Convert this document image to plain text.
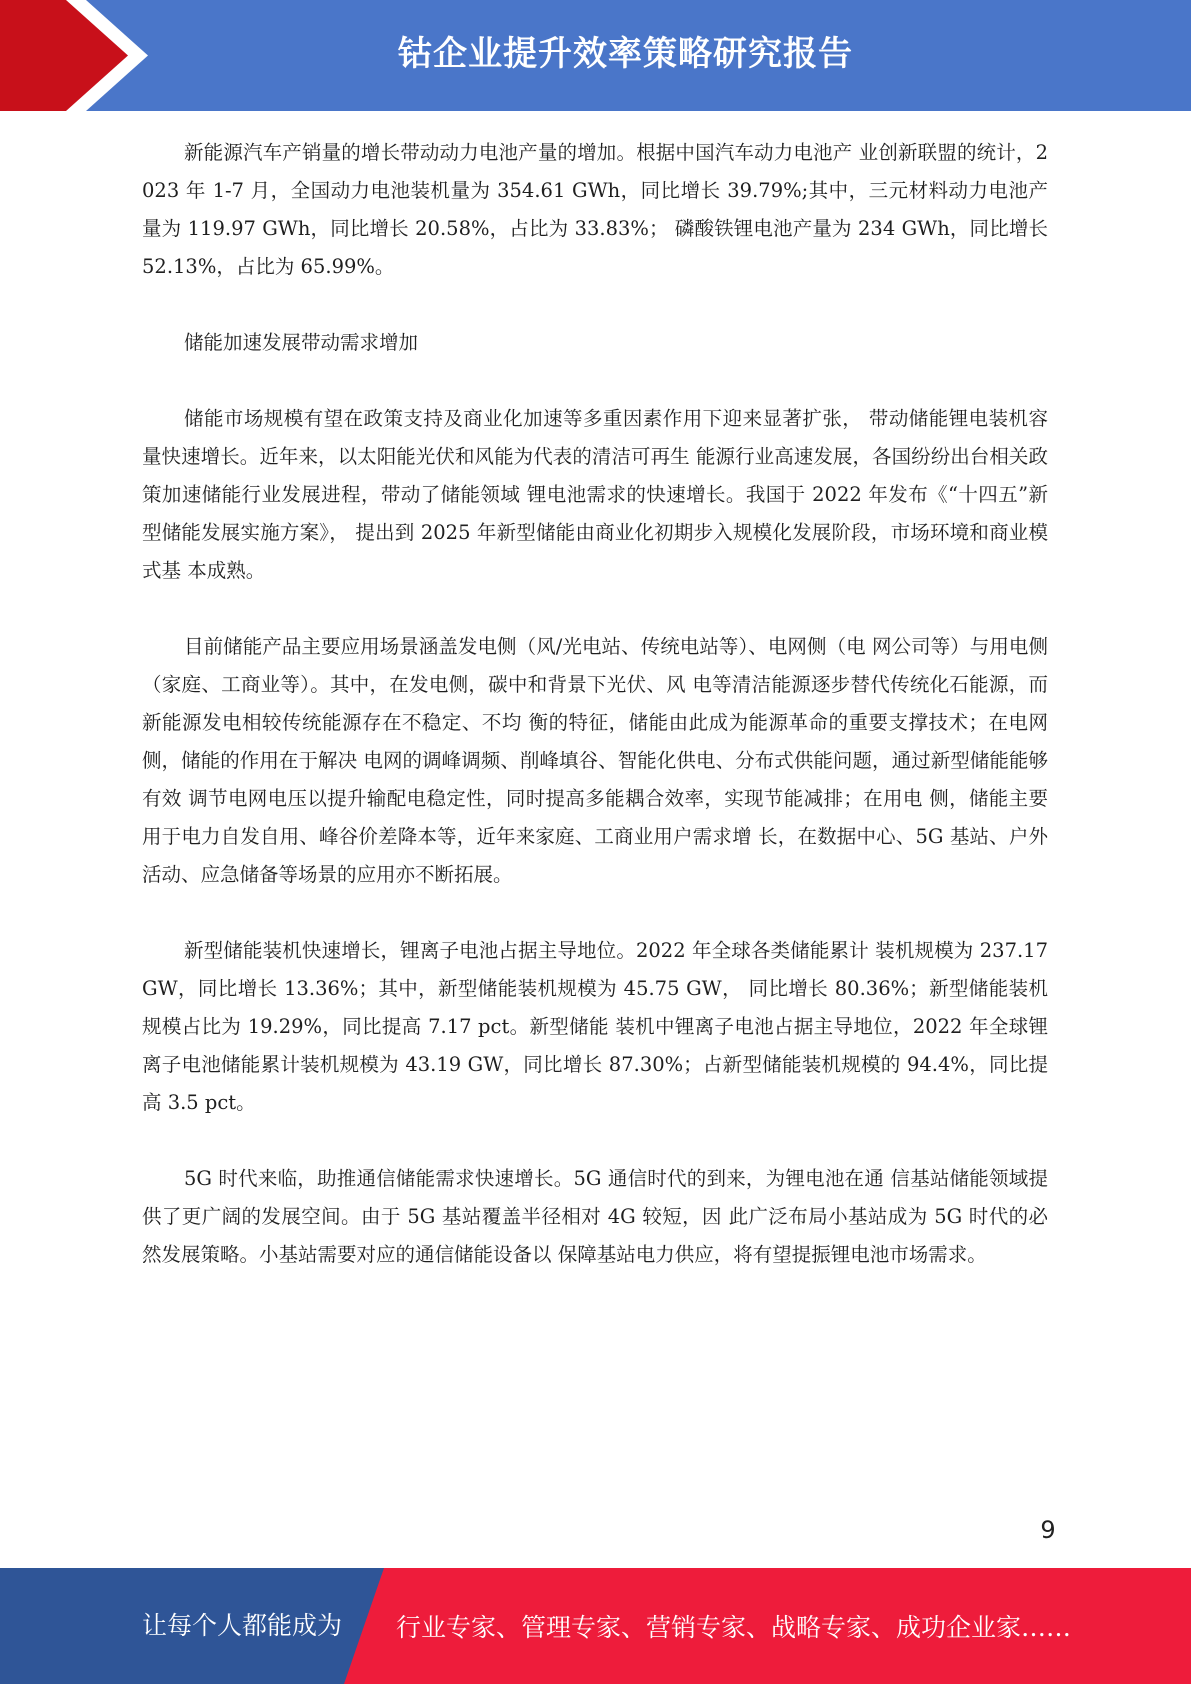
钴企业提升效率策略研究报告

新能源汽车产销量的增长带动动力电池产量的增加。根据中国汽车动力电池产 业创新联盟的统计，2023 年 1-7 月，全国动力电池装机量为 354.61 GWh，同比增长 39.79%;其中，三元材料动力电池产量为 119.97 GWh，同比增长 20.58%，占比为 33.83%； 磷酸铁锂电池产量为 234 GWh，同比增长 52.13%，占比为 65.99%。

储能加速发展带动需求增加

储能市场规模有望在政策支持及商业化加速等多重因素作用下迎来显著扩张， 带动储能锂电装机容量快速增长。近年来，以太阳能光伏和风能为代表的清洁可再生 能源行业高速发展，各国纷纷出台相关政策加速储能行业发展进程，带动了储能领域 锂电池需求的快速增长。我国于 2022 年发布《“十四五”新型储能发展实施方案》， 提出到 2025 年新型储能由商业化初期步入规模化发展阶段，市场环境和商业模式基 本成熟。

目前储能产品主要应用场景涵盖发电侧（风/光电站、传统电站等）、电网侧（电 网公司等）与用电侧（家庭、工商业等）。其中，在发电侧，碳中和背景下光伏、风 电等清洁能源逐步替代传统化石能源，而新能源发电相较传统能源存在不稳定、不均 衡的特征，储能由此成为能源革命的重要支撑技术；在电网侧，储能的作用在于解决 电网的调峰调频、削峰填谷、智能化供电、分布式供能问题，通过新型储能能够有效 调节电网电压以提升输配电稳定性，同时提高多能耦合效率，实现节能减排；在用电 侧，储能主要用于电力自发自用、峰谷价差降本等，近年来家庭、工商业用户需求增 长，在数据中心、5G 基站、户外活动、应急储备等场景的应用亦不断拓展。

新型储能装机快速增长，锂离子电池占据主导地位。2022 年全球各类储能累计 装机规模为 237.17 GW，同比增长 13.36%；其中，新型储能装机规模为 45.75 GW， 同比增长 80.36%；新型储能装机规模占比为 19.29%，同比提高 7.17 pct。新型储能 装机中锂离子电池占据主导地位，2022 年全球锂离子电池储能累计装机规模为 43.19 GW，同比增长 87.30%；占新型储能装机规模的 94.4%，同比提高 3.5 pct。

5G 时代来临，助推通信储能需求快速增长。5G 通信时代的到来，为锂电池在通 信基站储能领域提供了更广阔的发展空间。由于 5G 基站覆盖半径相对 4G 较短，因 此广泛布局小基站成为 5G 时代的必然发展策略。小基站需要对应的通信储能设备以 保障基站电力供应，将有望提振锂电池市场需求。

9
让每个人都能成为 行业专家、管理专家、营销专家、战略专家、成功企业家……
